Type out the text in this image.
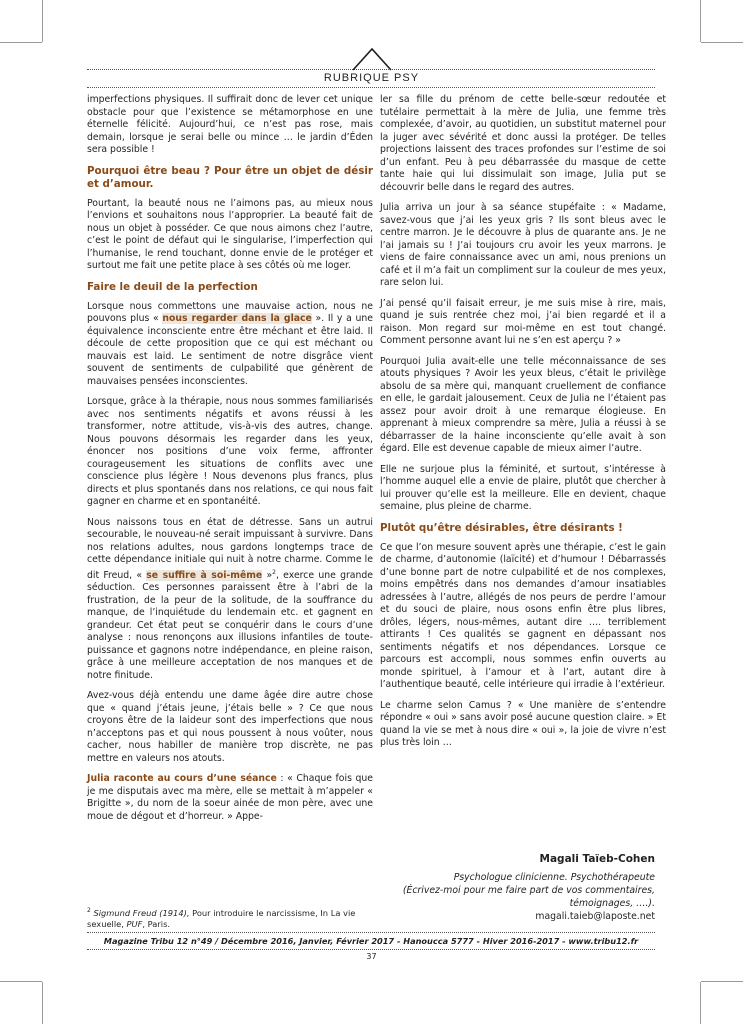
RUBRIQUE PSY

imperfections physiques. Il suffirait donc de lever cet unique obstacle pour que l’existence se métamorphose en une éternelle félicité. Aujourd’hui, ce n’est pas rose, mais demain, lorsque je serai belle ou mince … le jardin d’Éden sera possible !

Pourquoi être beau ? Pour être un objet de désir et d’amour.

Pourtant, la beauté nous ne l’aimons pas, au mieux nous l’envions et souhaitons nous l’approprier. La beauté fait de nous un objet à posséder. Ce que nous aimons chez l’autre, c’est le point de défaut qui le singularise, l’imperfection qui l’humanise, le rend touchant, donne envie de le protéger et surtout me fait une petite place à ses côtés où me loger.

Faire le deuil de la perfection

Lorsque nous commettons une mauvaise action, nous ne pouvons plus « nous regarder dans la glace ». Il y a une équivalence inconsciente entre être méchant et être laid. Il découle de cette proposition que ce qui est méchant ou mauvais est laid. Le sentiment de notre disgrâce vient souvent de sentiments de culpabilité que génèrent de mauvaises pensées inconscientes.

Lorsque, grâce à la thérapie, nous nous sommes familiarisés avec nos sentiments négatifs et avons réussi à les transformer, notre attitude, vis-à-vis des autres, change. Nous pouvons désormais les regarder dans les yeux, énoncer nos positions d’une voix ferme, affronter courageusement les situations de conflits avec une conscience plus légère ! Nous devenons plus francs, plus directs et plus spontanés dans nos relations, ce qui nous fait gagner en charme et en spontanéité.

Nous naissons tous en état de détresse. Sans un autrui secourable, le nouveau-né serait impuissant à survivre. Dans nos relations adultes, nous gardons longtemps trace de cette dépendance initiale qui nuit à notre charme. Comme le dit Freud, « se suffire à soi-même »$^2$, exerce une grande séduction. Ces personnes paraissent être à l’abri de la frustration, de la peur de la solitude, de la souffrance du manque, de l’inquiétude du lendemain etc. et gagnent en grandeur. Cet état peut se conquérir dans le cours d’une analyse : nous renonçons aux illusions infantiles de toute-puissance et gagnons notre indépendance, en pleine raison, grâce à une meilleure acceptation de nos manques et de notre finitude.

Avez-vous déjà entendu une dame âgée dire autre chose que « quand j’étais jeune, j’étais belle » ? Ce que nous croyons être de la laideur sont des imperfections que nous n’acceptons pas et qui nous poussent à nous voûter, nous cacher, nous habiller de manière trop discrète, ne pas mettre en valeurs nos atouts.

Julia raconte au cours d’une séance : « Chaque fois que je me disputais avec ma mère, elle se mettait à m’appeler « Brigitte », du nom de la soeur ainée de mon père, avec une moue de dégout et d’horreur. » Appe-

ler sa fille du prénom de cette belle-sœur redoutée et tutélaire permettait à la mère de Julia, une femme très complexée, d’avoir, au quotidien, un substitut maternel pour la juger avec sévérité et donc aussi la protéger. De telles projections laissent des traces profondes sur l’estime de soi d’un enfant. Peu à peu débarrassée du masque de cette tante haie qui lui dissimulait son image, Julia put se découvrir belle dans le regard des autres.

Julia arriva un jour à sa séance stupéfaite : « Madame, savez-vous que j’ai les yeux gris ? Ils sont bleus avec le centre marron. Je le découvre à plus de quarante ans. Je ne l’ai jamais su ! J’ai toujours cru avoir les yeux marrons. Je viens de faire connaissance avec un ami, nous prenions un café et il m’a fait un compliment sur la couleur de mes yeux, rare selon lui.

J’ai pensé qu’il faisait erreur, je me suis mise à rire, mais, quand je suis rentrée chez moi, j’ai bien regardé et il a raison. Mon regard sur moi-même en est tout changé. Comment personne avant lui ne s’en est aperçu ? »

Pourquoi Julia avait-elle une telle méconnaissance de ses atouts physiques ? Avoir les yeux bleus, c’était le privilège absolu de sa mère qui, manquant cruellement de confiance en elle, le gardait jalousement. Ceux de Julia ne l’étaient pas assez pour avoir droit à une remarque élogieuse. En apprenant à mieux comprendre sa mère, Julia a réussi à se débarrasser de la haine inconsciente qu’elle avait à son égard. Elle est devenue capable de mieux aimer l’autre.

Elle ne surjoue plus la féminité, et surtout, s’intéresse à l’homme auquel elle a envie de plaire, plutôt que chercher à lui prouver qu’elle est la meilleure. Elle en devient, chaque semaine, plus pleine de charme.

Plutôt qu’être désirables, être désirants !

Ce que l’on mesure souvent après une thérapie, c’est le gain de charme, d’autonomie (laïcité) et d’humour ! Débarrassés d’une bonne part de notre culpabilité et de nos complexes, moins empêtrés dans nos demandes d’amour insatiables adressées à l’autre, allégés de nos peurs de perdre l’amour et du souci de plaire, nous osons enfin être plus libres, drôles, légers, nous-mêmes, autant dire …. terriblement attirants ! Ces qualités se gagnent en dépassant nos sentiments négatifs et nos dépendances. Lorsque ce parcours est accompli, nous sommes enfin ouverts au monde spirituel, à l’amour et à l’art, autant dire à l’authentique beauté, celle intérieure qui irradie à l’extérieur.

Le charme selon Camus ? « Une manière de s’entendre répondre « oui » sans avoir posé aucune question claire. » Et quand la vie se met à nous dire « oui », la joie de vivre n’est plus très loin …

Magali Taïeb-Cohen
Psychologue clinicienne. Psychothérapeute
(Écrivez-moi pour me faire part de vos commentaires,
témoignages, ….).
magali.taieb@laposte.net
$^2$ Sigmund Freud (1914), Pour introduire le narcissisme, In La vie sexuelle, PUF, Paris.
Magazine Tribu 12 n°49 / Décembre 2016, Janvier, Février 2017 - Hanoucca 5777 - Hiver 2016-2017 - www.tribu12.fr
37
